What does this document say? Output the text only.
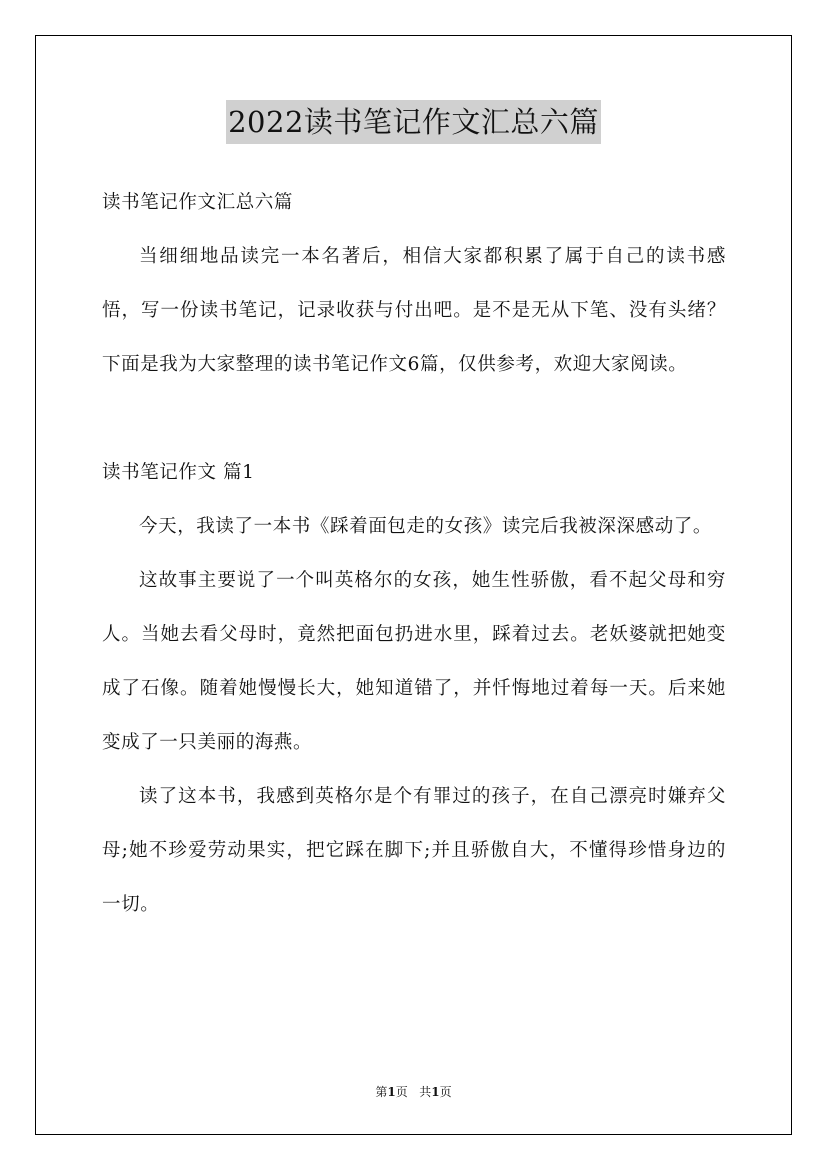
2022读书笔记作文汇总六篇

读书笔记作文汇总六篇

当细细地品读完一本名著后，相信大家都积累了属于自己的读书感悟，写一份读书笔记，记录收获与付出吧。是不是无从下笔、没有头绪？下面是我为大家整理的读书笔记作文6篇，仅供参考，欢迎大家阅读。

读书笔记作文 篇1

今天，我读了一本书《踩着面包走的女孩》读完后我被深深感动了。

这故事主要说了一个叫英格尔的女孩，她生性骄傲，看不起父母和穷人。当她去看父母时，竟然把面包扔进水里，踩着过去。老妖婆就把她变成了石像。随着她慢慢长大，她知道错了，并忏悔地过着每一天。后来她变成了一只美丽的海燕。

读了这本书，我感到英格尔是个有罪过的孩子，在自己漂亮时嫌弃父母;她不珍爱劳动果实，把它踩在脚下;并且骄傲自大，不懂得珍惜身边的一切。

第1页 共1页
